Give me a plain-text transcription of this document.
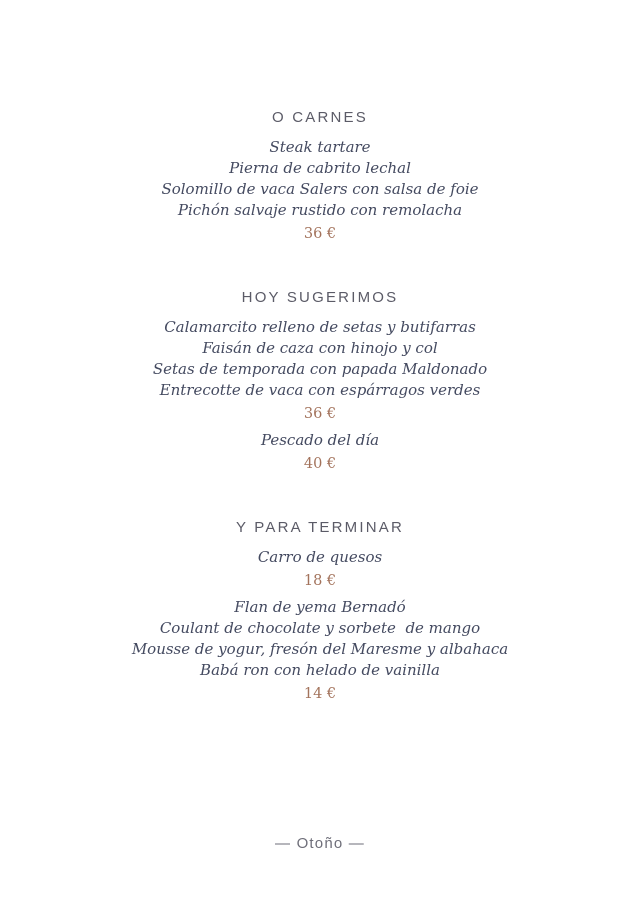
O CARNES
Steak tartare
Pierna de cabrito lechal
Solomillo de vaca Salers con salsa de foie
Pichón salvaje rustido con remolacha
36 €
HOY SUGERIMOS
Calamarcito relleno de setas y butifarras
Faisán de caza con hinojo y col
Setas de temporada con papada Maldonado
Entrecotte de vaca con espárragos verdes
36 €
Pescado del día
40 €
Y PARA TERMINAR
Carro de quesos
18 €
Flan de yema Bernadó
Coulant de chocolate y sorbete  de mango
Mousse de yogur, fresón del Maresme y albahaca
Babá ron con helado de vainilla
14 €
— Otoño —
